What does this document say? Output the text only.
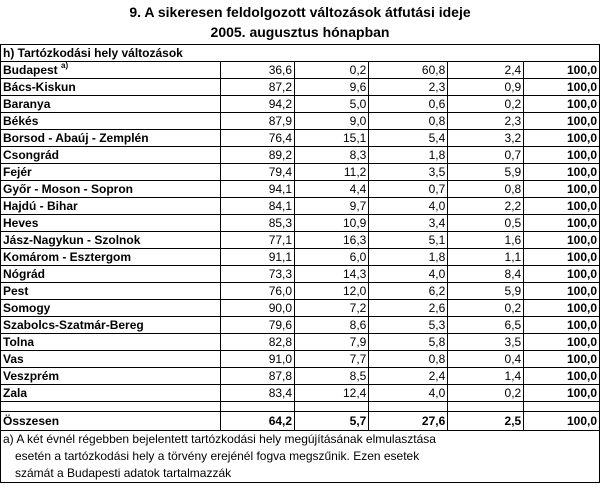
9. A sikeresen feldolgozott változások átfutási ideje
2005. augusztus hónapban
h) Tartózkodási hely változások					
Budapest $^{a)}$	36,6	0,2	60,8	2,4	100,0
Bács-Kiskun	87,2	9,6	2,3	0,9	100,0
Baranya	94,2	5,0	0,6	0,2	100,0
Békés	87,9	9,0	0,8	2,3	100,0
Borsod - Abaúj - Zemplén	76,4	15,1	5,4	3,2	100,0
Csongrád	89,2	8,3	1,8	0,7	100,0
Fejér	79,4	11,2	3,5	5,9	100,0
Győr - Moson - Sopron	94,1	4,4	0,7	0,8	100,0
Hajdú - Bihar	84,1	9,7	4,0	2,2	100,0
Heves	85,3	10,9	3,4	0,5	100,0
Jász-Nagykun - Szolnok	77,1	16,3	5,1	1,6	100,0
Komárom - Esztergom	91,1	6,0	1,8	1,1	100,0
Nógrád	73,3	14,3	4,0	8,4	100,0
Pest	76,0	12,0	6,2	5,9	100,0
Somogy	90,0	7,2	2,6	0,2	100,0
Szabolcs-Szatmár-Bereg	79,6	8,6	5,3	6,5	100,0
Tolna	82,8	7,9	5,8	3,5	100,0
Vas	91,0	7,7	0,8	0,4	100,0
Veszprém	87,8	8,5	2,4	1,4	100,0
Zala	83,4	12,4	4,0	0,2	100,0

Összesen	64,2	5,7	27,6	2,5	100,0
a) A két évnél régebben bejelentett tartózkodási hely megújításának elmulasztása					
esetén a tartózkodási hely a törvény erejénél fogva megszűnik. Ezen esetek					
számát a Budapesti adatok tartalmazzák					
